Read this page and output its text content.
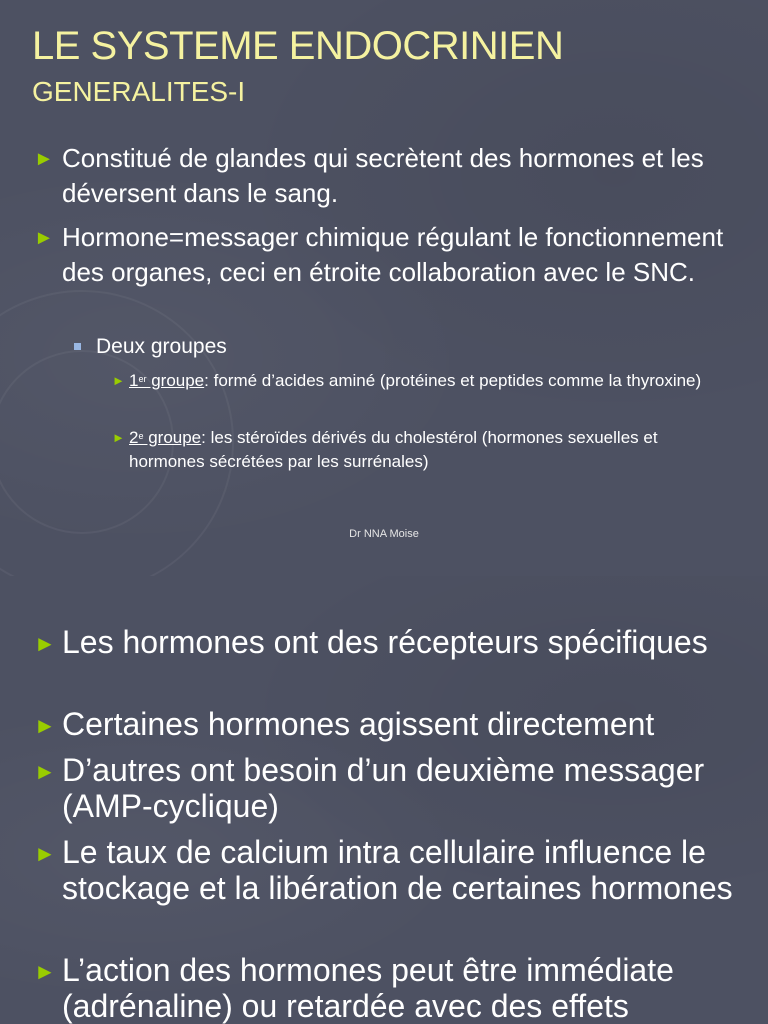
LE SYSTEME ENDOCRINIEN
GENERALITES-I
► Constitué de glandes qui secrètent des hormones et les déversent dans le sang.
► Hormone=messager chimique régulant le fonctionnement des organes, ceci en étroite collaboration avec le SNC.
Deux groupes
► 1er groupe: formé d’acides aminé (protéines et peptides comme la thyroxine)
► 2e groupe: les stéroïdes dérivés du cholestérol (hormones sexuelles et hormones sécrétées par les surrénales)
Dr NNA Moise
► Les hormones ont des récepteurs spécifiques
► Certaines hormones agissent directement
► D’autres ont besoin d’un deuxième messager (AMP-cyclique)
► Le taux de calcium intra cellulaire influence le stockage et la libération de certaines hormones
► L’action des hormones peut être immédiate (adrénaline) ou retardée avec des effets
